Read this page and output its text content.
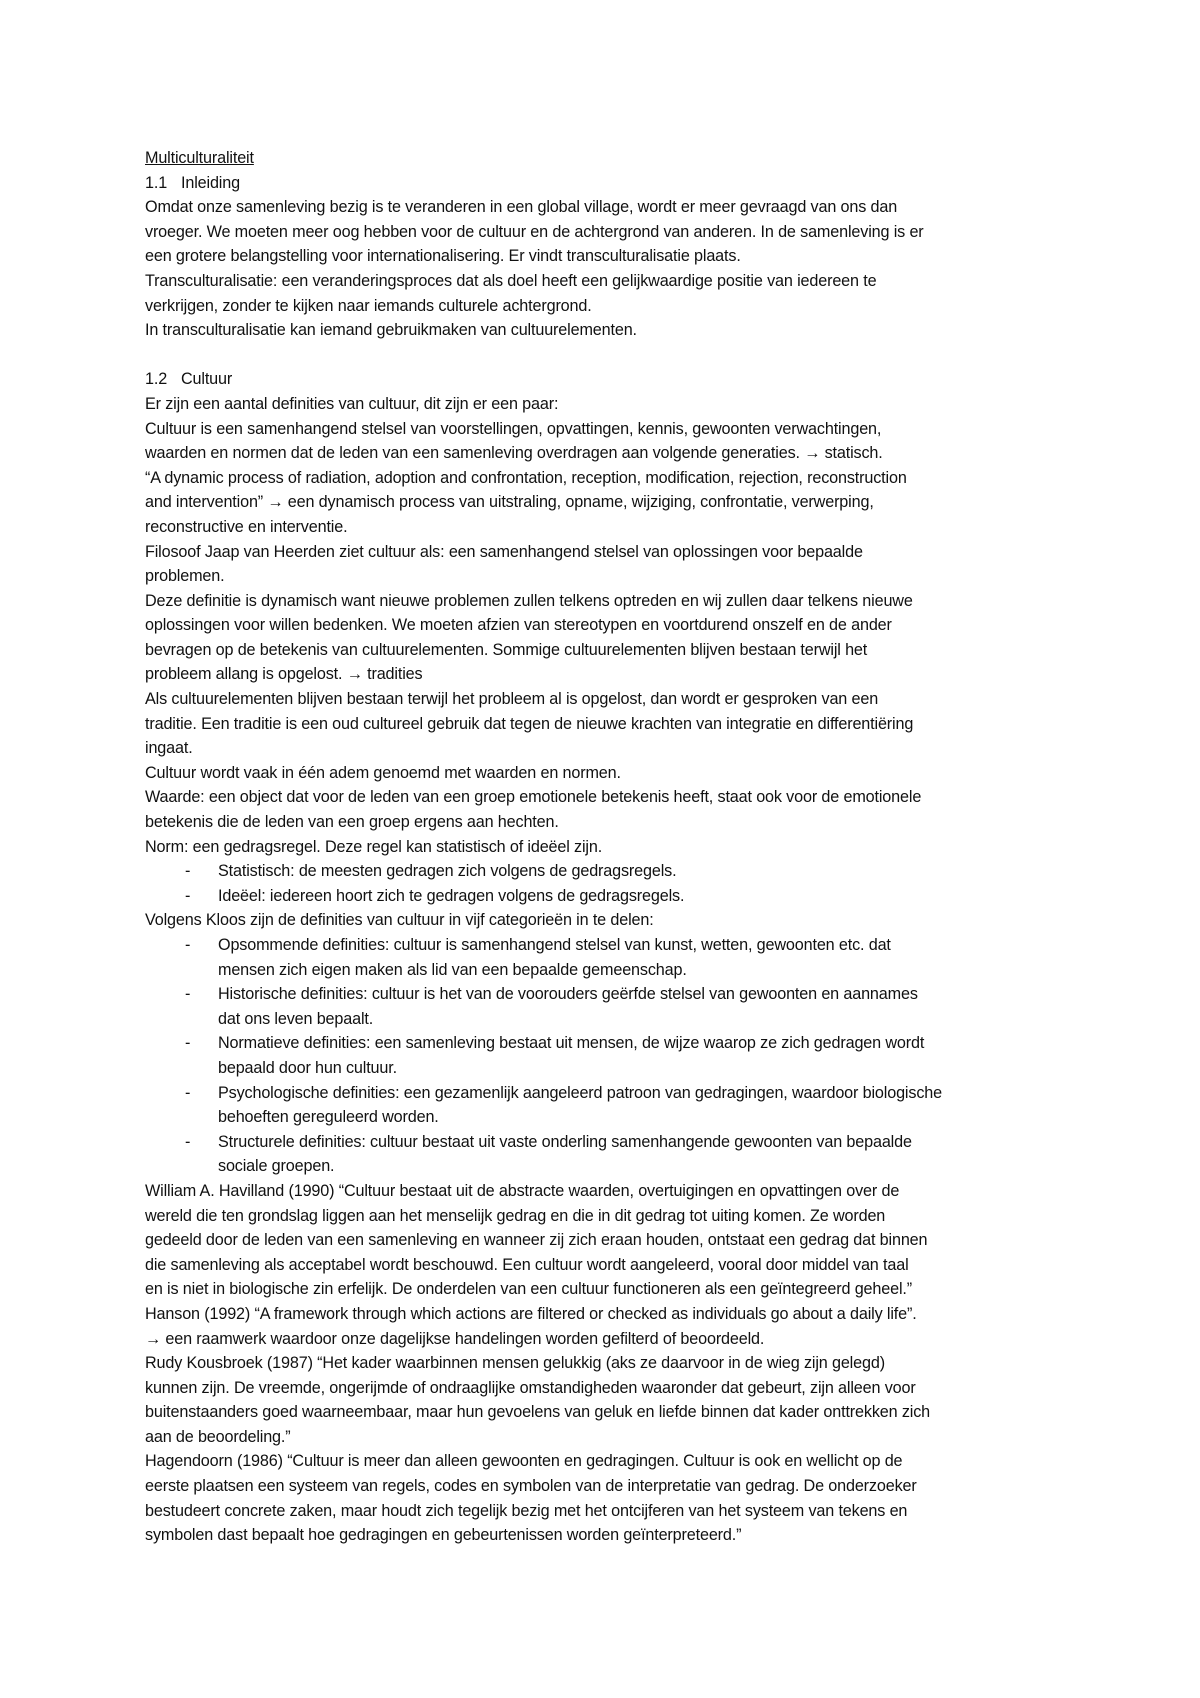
Multiculturaliteit
1.1 Inleiding
Omdat onze samenleving bezig is te veranderen in een global village, wordt er meer gevraagd van ons dan
vroeger. We moeten meer oog hebben voor de cultuur en de achtergrond van anderen. In de samenleving is er
een grotere belangstelling voor internationalisering. Er vindt transculturalisatie plaats.
Transculturalisatie: een veranderingsproces dat als doel heeft een gelijkwaardige positie van iedereen te
verkrijgen, zonder te kijken naar iemands culturele achtergrond.
In transculturalisatie kan iemand gebruikmaken van cultuurelementen.
1.2 Cultuur
Er zijn een aantal definities van cultuur, dit zijn er een paar:
Cultuur is een samenhangend stelsel van voorstellingen, opvattingen, kennis, gewoonten verwachtingen,
waarden en normen dat de leden van een samenleving overdragen aan volgende generaties. → statisch.
“A dynamic process of radiation, adoption and confrontation, reception, modification, rejection, reconstruction
and intervention” → een dynamisch process van uitstraling, opname, wijziging, confrontatie, verwerping,
reconstructive en interventie.
Filosoof Jaap van Heerden ziet cultuur als: een samenhangend stelsel van oplossingen voor bepaalde
problemen.
Deze definitie is dynamisch want nieuwe problemen zullen telkens optreden en wij zullen daar telkens nieuwe
oplossingen voor willen bedenken. We moeten afzien van stereotypen en voortdurend onszelf en de ander
bevragen op de betekenis van cultuurelementen. Sommige cultuurelementen blijven bestaan terwijl het
probleem allang is opgelost. → tradities
Als cultuurelementen blijven bestaan terwijl het probleem al is opgelost, dan wordt er gesproken van een
traditie. Een traditie is een oud cultureel gebruik dat tegen de nieuwe krachten van integratie en differentiëring
ingaat.
Cultuur wordt vaak in één adem genoemd met waarden en normen.
Waarde: een object dat voor de leden van een groep emotionele betekenis heeft, staat ook voor de emotionele
betekenis die de leden van een groep ergens aan hechten.
Norm: een gedragsregel. Deze regel kan statistisch of ideëel zijn.
- Statistisch: de meesten gedragen zich volgens de gedragsregels.
- Ideëel: iedereen hoort zich te gedragen volgens de gedragsregels.
Volgens Kloos zijn de definities van cultuur in vijf categorieën in te delen:
- Opsommende definities: cultuur is samenhangend stelsel van kunst, wetten, gewoonten etc. dat
mensen zich eigen maken als lid van een bepaalde gemeenschap.
- Historische definities: cultuur is het van de voorouders geërfde stelsel van gewoonten en aannames
dat ons leven bepaalt.
- Normatieve definities: een samenleving bestaat uit mensen, de wijze waarop ze zich gedragen wordt
bepaald door hun cultuur.
- Psychologische definities: een gezamenlijk aangeleerd patroon van gedragingen, waardoor biologische
behoeften gereguleerd worden.
- Structurele definities: cultuur bestaat uit vaste onderling samenhangende gewoonten van bepaalde
sociale groepen.
William A. Havilland (1990) “Cultuur bestaat uit de abstracte waarden, overtuigingen en opvattingen over de
wereld die ten grondslag liggen aan het menselijk gedrag en die in dit gedrag tot uiting komen. Ze worden
gedeeld door de leden van een samenleving en wanneer zij zich eraan houden, ontstaat een gedrag dat binnen
die samenleving als acceptabel wordt beschouwd. Een cultuur wordt aangeleerd, vooral door middel van taal
en is niet in biologische zin erfelijk. De onderdelen van een cultuur functioneren als een geïntegreerd geheel.”
Hanson (1992) “A framework through which actions are filtered or checked as individuals go about a daily life”.
→ een raamwerk waardoor onze dagelijkse handelingen worden gefilterd of beoordeeld.
Rudy Kousbroek (1987) “Het kader waarbinnen mensen gelukkig (aks ze daarvoor in de wieg zijn gelegd)
kunnen zijn. De vreemde, ongerijmde of ondraaglijke omstandigheden waaronder dat gebeurt, zijn alleen voor
buitenstaanders goed waarneembaar, maar hun gevoelens van geluk en liefde binnen dat kader onttrekken zich
aan de beoordeling.”
Hagendoorn (1986) “Cultuur is meer dan alleen gewoonten en gedragingen. Cultuur is ook en wellicht op de
eerste plaatsen een systeem van regels, codes en symbolen van de interpretatie van gedrag. De onderzoeker
bestudeert concrete zaken, maar houdt zich tegelijk bezig met het ontcijferen van het systeem van tekens en
symbolen dast bepaalt hoe gedragingen en gebeurtenissen worden geïnterpreteerd.”
